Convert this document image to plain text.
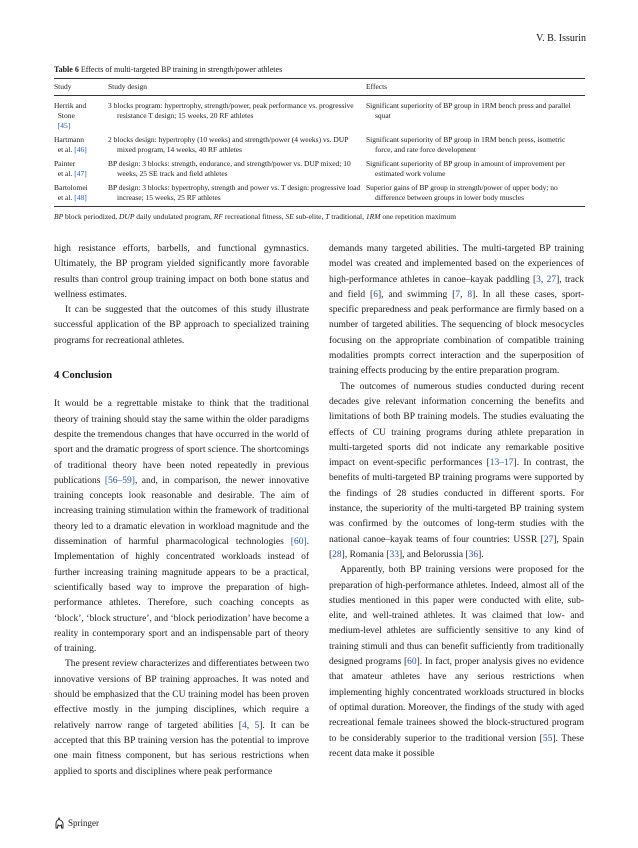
V. B. Issurin
Table 6 Effects of multi-targeted BP training in strength/power athletes
Study	Study design	Effects
Herrik and
Stone
[45]	3 blocks program: hypertrophy, strength/power, peak performance vs. progressive resistance T design; 15 weeks, 20 RF athletes	Significant superiority of BP group in 1RM bench press and parallel squat

Hartmann
et al. [46]	2 blocks design: hypertrophy (10 weeks) and strength/power (4 weeks) vs. DUP mixed program, 14 weeks, 40 RF athletes	Significant superiority of BP group in 1RM bench press, isometric force, and rate force development

Painter
et al. [47]	BP design: 3 blocks: strength, endurance, and strength/power vs. DUP mixed; 10 weeks, 25 SE track and field athletes	Significant superiority of BP group in amount of improvement per estimated work volume

Bartolomei
et al. [48]	BP design: 3 blocks: hypertrophy, strength and power vs. T design: progressive load increase; 15 weeks, 25 RF athletes	Superior gains of BP group in strength/power of upper body; no difference between groups in lower body muscles
BP block periodized, DUP daily undulated program, RF recreational fitness, SE sub-elite, T traditional, 1RM one repetition maximum

high resistance efforts, barbells, and functional gymnastics. Ultimately, the BP program yielded significantly more favorable results than control group training impact on both bone status and wellness estimates.

It can be suggested that the outcomes of this study illustrate successful application of the BP approach to specialized training programs for recreational athletes.

4 Conclusion

It would be a regrettable mistake to think that the traditional theory of training should stay the same within the older paradigms despite the tremendous changes that have occurred in the world of sport and the dramatic progress of sport science. The shortcomings of traditional theory have been noted repeatedly in previous publications [56–59], and, in comparison, the newer innovative training concepts look reasonable and desirable. The aim of increasing training stimulation within the framework of traditional theory led to a dramatic elevation in workload magnitude and the dissemination of harmful pharmacological technologies [60]. Implementation of highly concentrated workloads instead of further increasing training magnitude appears to be a practical, scientifically based way to improve the preparation of high-performance athletes. Therefore, such coaching concepts as ‘block’, ‘block structure’, and ‘block periodization’ have become a reality in contemporary sport and an indispensable part of theory of training.

The present review characterizes and differentiates between two innovative versions of BP training approaches. It was noted and should be emphasized that the CU training model has been proven effective mostly in the jumping disciplines, which require a relatively narrow range of targeted abilities [4, 5]. It can be accepted that this BP training version has the potential to improve one main fitness component, but has serious restrictions when applied to sports and disciplines where peak performance

demands many targeted abilities. The multi-targeted BP training model was created and implemented based on the experiences of high-performance athletes in canoe–kayak paddling [3, 27], track and field [6], and swimming [7, 8]. In all these cases, sport-specific preparedness and peak performance are firmly based on a number of targeted abilities. The sequencing of block mesocycles focusing on the appropriate combination of compatible training modalities prompts correct interaction and the superposition of training effects producing by the entire preparation program.

The outcomes of numerous studies conducted during recent decades give relevant information concerning the benefits and limitations of both BP training models. The studies evaluating the effects of CU training programs during athlete preparation in multi-targeted sports did not indicate any remarkable positive impact on event-specific performances [13–17]. In contrast, the benefits of multi-targeted BP training programs were supported by the findings of 28 studies conducted in different sports. For instance, the superiority of the multi-targeted BP training system was confirmed by the outcomes of long-term studies with the national canoe–kayak teams of four countries: USSR [27], Spain [28], Romania [33], and Belorussia [36].

Apparently, both BP training versions were proposed for the preparation of high-performance athletes. Indeed, almost all of the studies mentioned in this paper were conducted with elite, sub-elite, and well-trained athletes. It was claimed that low- and medium-level athletes are sufficiently sensitive to any kind of training stimuli and thus can benefit sufficiently from traditionally designed programs [60]. In fact, proper analysis gives no evidence that amateur athletes have any serious restrictions when implementing highly concentrated workloads structured in blocks of optimal duration. Moreover, the findings of the study with aged recreational female trainees showed the block-structured program to be considerably superior to the traditional version [55]. These recent data make it possible

Springer
